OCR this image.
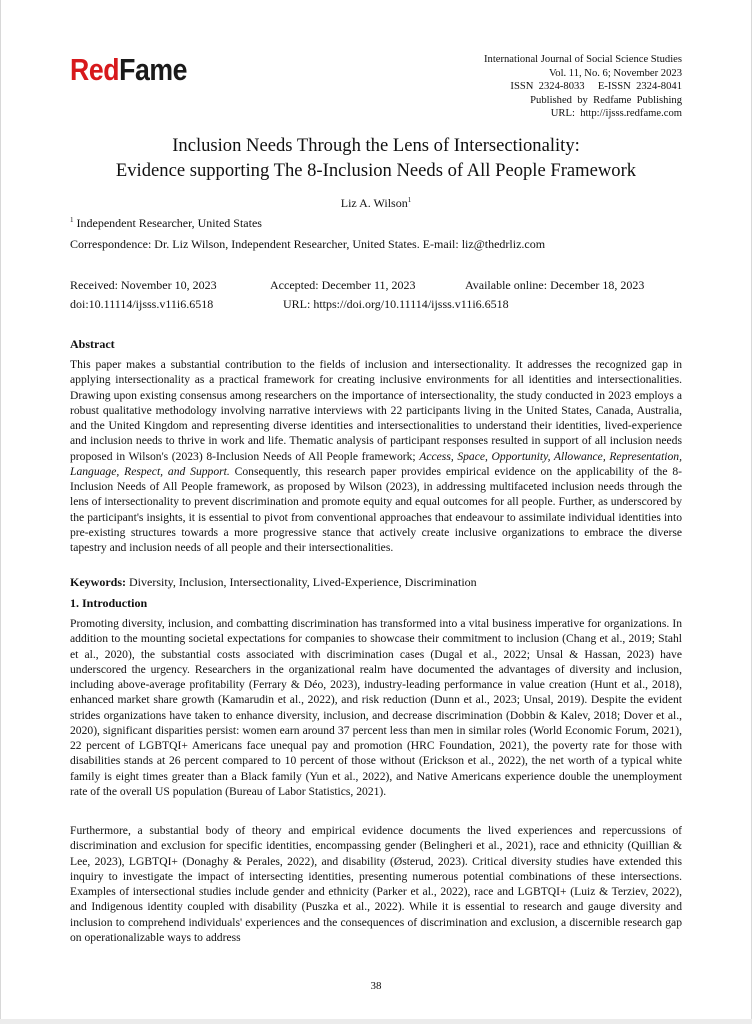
RedFame	International Journal of Social Science Studies
Vol. 11, No. 6; November 2023
ISSN  2324-8033     E-ISSN  2324-8041
Published  by  Redfame  Publishing
URL:  http://ijsss.redfame.com
Inclusion Needs Through the Lens of Intersectionality:
Evidence supporting The 8-Inclusion Needs of All People Framework
Liz A. Wilson$^1$
$^1$ Independent Researcher, United States
Correspondence: Dr. Liz Wilson, Independent Researcher, United States. E-mail: liz@thedrliz.com
Received: November 10, 2023	Accepted: December 11, 2023	Available online: December 18, 2023
doi:10.11114/ijsss.v11i6.6518	URL: https://doi.org/10.11114/ijsss.v11i6.6518
Abstract
This paper makes a substantial contribution to the fields of inclusion and intersectionality. It addresses the recognized gap in applying intersectionality as a practical framework for creating inclusive environments for all identities and intersectionalities. Drawing upon existing consensus among researchers on the importance of intersectionality, the study conducted in 2023 employs a robust qualitative methodology involving narrative interviews with 22 participants living in the United States, Canada, Australia, and the United Kingdom and representing diverse identities and intersectionalities to understand their identities, lived-experience and inclusion needs to thrive in work and life. Thematic analysis of participant responses resulted in support of all inclusion needs proposed in Wilson's (2023) 8-Inclusion Needs of All People framework; Access, Space, Opportunity, Allowance, Representation, Language, Respect, and Support. Consequently, this research paper provides empirical evidence on the applicability of the 8-Inclusion Needs of All People framework, as proposed by Wilson (2023), in addressing multifaceted inclusion needs through the lens of intersectionality to prevent discrimination and promote equity and equal outcomes for all people. Further, as underscored by the participant's insights, it is essential to pivot from conventional approaches that endeavour to assimilate individual identities into pre-existing structures towards a more progressive stance that actively create inclusive organizations to embrace the diverse tapestry and inclusion needs of all people and their intersectionalities.
Keywords: Diversity, Inclusion, Intersectionality, Lived-Experience, Discrimination
1. Introduction
Promoting diversity, inclusion, and combatting discrimination has transformed into a vital business imperative for organizations. In addition to the mounting societal expectations for companies to showcase their commitment to inclusion (Chang et al., 2019; Stahl et al., 2020), the substantial costs associated with discrimination cases (Dugal et al., 2022; Unsal & Hassan, 2023) have underscored the urgency. Researchers in the organizational realm have documented the advantages of diversity and inclusion, including above-average profitability (Ferrary & Déo, 2023), industry-leading performance in value creation (Hunt et al., 2018), enhanced market share growth (Kamarudin et al., 2022), and risk reduction (Dunn et al., 2023; Unsal, 2019). Despite the evident strides organizations have taken to enhance diversity, inclusion, and decrease discrimination (Dobbin & Kalev, 2018; Dover et al., 2020), significant disparities persist: women earn around 37 percent less than men in similar roles (World Economic Forum, 2021), 22 percent of LGBTQI+ Americans face unequal pay and promotion (HRC Foundation, 2021), the poverty rate for those with disabilities stands at 26 percent compared to 10 percent of those without (Erickson et al., 2022), the net worth of a typical white family is eight times greater than a Black family (Yun et al., 2022), and Native Americans experience double the unemployment rate of the overall US population (Bureau of Labor Statistics, 2021).
Furthermore, a substantial body of theory and empirical evidence documents the lived experiences and repercussions of discrimination and exclusion for specific identities, encompassing gender (Belingheri et al., 2021), race and ethnicity (Quillian & Lee, 2023), LGBTQI+ (Donaghy & Perales, 2022), and disability (Østerud, 2023). Critical diversity studies have extended this inquiry to investigate the impact of intersecting identities, presenting numerous potential combinations of these intersections. Examples of intersectional studies include gender and ethnicity (Parker et al., 2022), race and LGBTQI+ (Luiz & Terziev, 2022), and Indigenous identity coupled with disability (Puszka et al., 2022). While it is essential to research and gauge diversity and inclusion to comprehend individuals' experiences and the consequences of discrimination and exclusion, a discernible research gap on operationalizable ways to address
38
